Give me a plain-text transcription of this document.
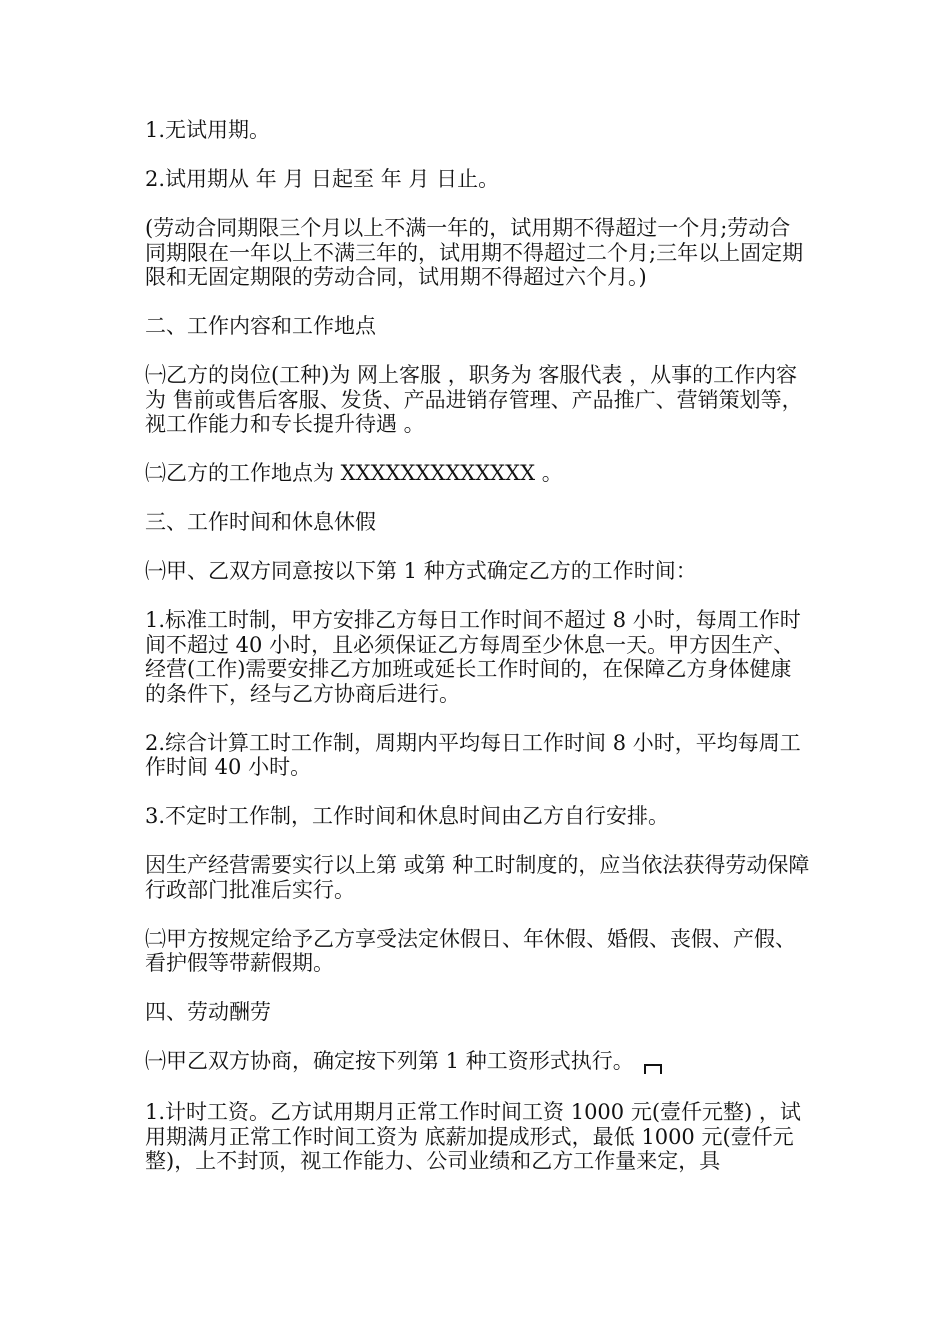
1.无试用期。

2.试用期从 年 月 日起至 年 月 日止。

(劳动合同期限三个月以上不满一年的，试用期不得超过一个月;劳动合同期限在一年以上不满三年的，试用期不得超过二个月;三年以上固定期限和无固定期限的劳动合同，试用期不得超过六个月。)

二、工作内容和工作地点

㈠乙方的岗位(工种)为 网上客服 ，职务为 客服代表 ，从事的工作内容为 售前或售后客服、发货、产品进销存管理、产品推广、营销策划等，视工作能力和专长提升待遇 。

㈡乙方的工作地点为 XXXXXXXXXXXXX 。

三、工作时间和休息休假

㈠甲、乙双方同意按以下第 1 种方式确定乙方的工作时间：

1.标准工时制，甲方安排乙方每日工作时间不超过 8 小时，每周工作时间不超过 40 小时，且必须保证乙方每周至少休息一天。甲方因生产、经营(工作)需要安排乙方加班或延长工作时间的，在保障乙方身体健康的条件下，经与乙方协商后进行。

2.综合计算工时工作制，周期内平均每日工作时间 8 小时，平均每周工作时间 40 小时。

3.不定时工作制，工作时间和休息时间由乙方自行安排。

因生产经营需要实行以上第 或第 种工时制度的，应当依法获得劳动保障行政部门批准后实行。

㈡甲方按规定给予乙方享受法定休假日、年休假、婚假、丧假、产假、看护假等带薪假期。

四、劳动酬劳

㈠甲乙双方协商，确定按下列第 1 种工资形式执行。

1.计时工资。乙方试用期月正常工作时间工资 1000 元(壹仟元整) ，试用期满月正常工作时间工资为 底薪加提成形式，最低 1000 元(壹仟元整)，上不封顶，视工作能力、公司业绩和乙方工作量来定，具
